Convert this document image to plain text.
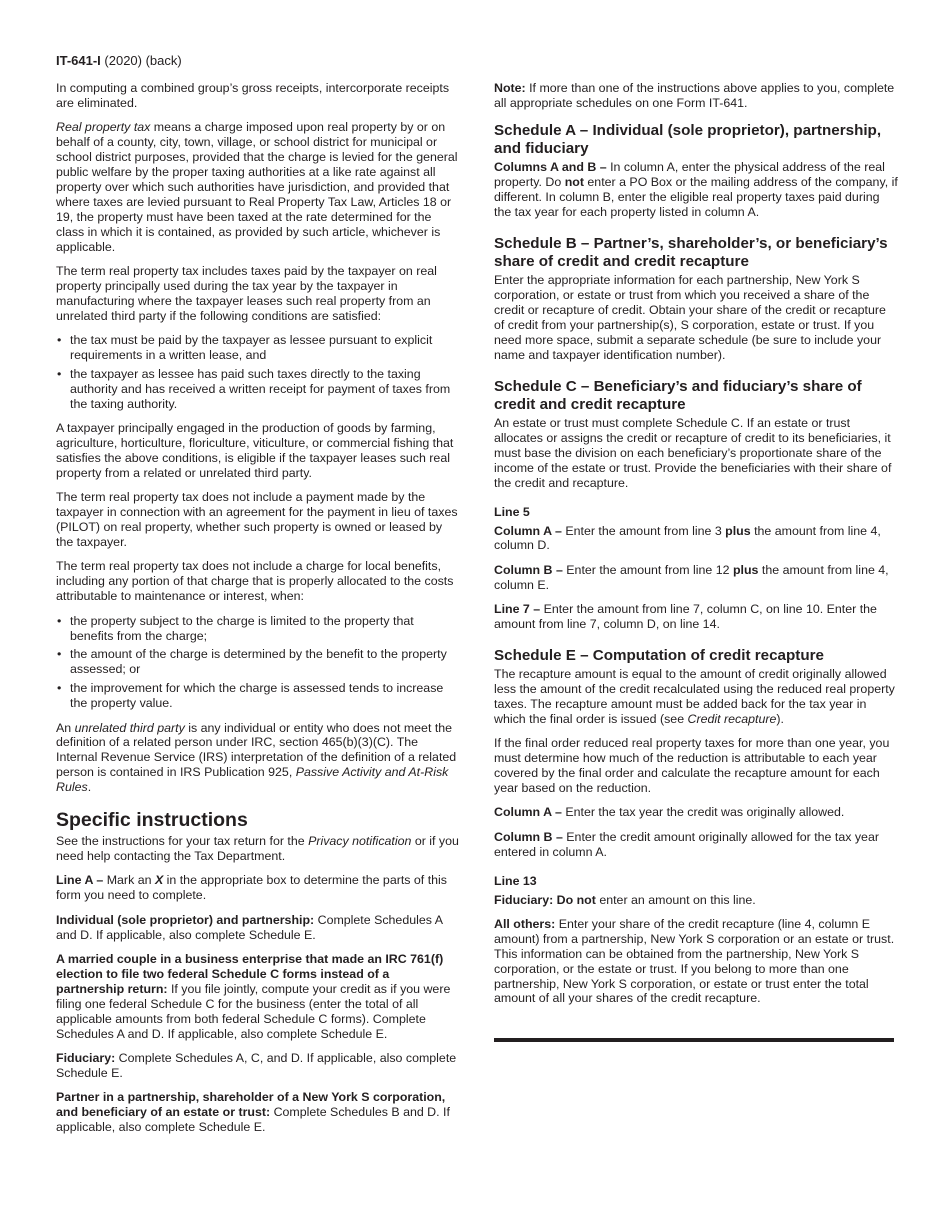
IT-641-I (2020) (back)

In computing a combined group’s gross receipts, intercorporate receipts are eliminated.

Real property tax means a charge imposed upon real property by or on behalf of a county, city, town, village, or school district for municipal or school district purposes, provided that the charge is levied for the general public welfare by the proper taxing authorities at a like rate against all property over which such authorities have jurisdiction, and provided that where taxes are levied pursuant to Real Property Tax Law, Articles 18 or 19, the property must have been taxed at the rate determined for the class in which it is contained, as provided by such article, whichever is applicable.

The term real property tax includes taxes paid by the taxpayer on real property principally used during the tax year by the taxpayer in manufacturing where the taxpayer leases such real property from an unrelated third party if the following conditions are satisfied:

• the tax must be paid by the taxpayer as lessee pursuant to explicit requirements in a written lease, and
• the taxpayer as lessee has paid such taxes directly to the taxing authority and has received a written receipt for payment of taxes from the taxing authority.

A taxpayer principally engaged in the production of goods by farming, agriculture, horticulture, floriculture, viticulture, or commercial fishing that satisfies the above conditions, is eligible if the taxpayer leases such real property from a related or unrelated third party.

The term real property tax does not include a payment made by the taxpayer in connection with an agreement for the payment in lieu of taxes (PILOT) on real property, whether such property is owned or leased by the taxpayer.

The term real property tax does not include a charge for local benefits, including any portion of that charge that is properly allocated to the costs attributable to maintenance or interest, when:

• the property subject to the charge is limited to the property that benefits from the charge;
• the amount of the charge is determined by the benefit to the property assessed; or
• the improvement for which the charge is assessed tends to increase the property value.

An unrelated third party is any individual or entity who does not meet the definition of a related person under IRC, section 465(b)(3)(C). The Internal Revenue Service (IRS) interpretation of the definition of a related person is contained in IRS Publication 925, Passive Activity and At-Risk Rules.

Specific instructions

See the instructions for your tax return for the Privacy notification or if you need help contacting the Tax Department.

Line A – Mark an X in the appropriate box to determine the parts of this form you need to complete.

Individual (sole proprietor) and partnership: Complete Schedules A and D. If applicable, also complete Schedule E.

A married couple in a business enterprise that made an IRC 761(f) election to file two federal Schedule C forms instead of a partnership return: If you file jointly, compute your credit as if you were filing one federal Schedule C for the business (enter the total of all applicable amounts from both federal Schedule C forms). Complete Schedules A and D. If applicable, also complete Schedule E.

Fiduciary: Complete Schedules A, C, and D. If applicable, also complete Schedule E.

Partner in a partnership, shareholder of a New York S corporation, and beneficiary of an estate or trust: Complete Schedules B and D. If applicable, also complete Schedule E.

Note: If more than one of the instructions above applies to you, complete all appropriate schedules on one Form IT-641.

Schedule A – Individual (sole proprietor), partnership, and fiduciary

Columns A and B – In column A, enter the physical address of the real property. Do not enter a PO Box or the mailing address of the company, if different. In column B, enter the eligible real property taxes paid during the tax year for each property listed in column A.

Schedule B – Partner’s, shareholder’s, or beneficiary’s share of credit and credit recapture

Enter the appropriate information for each partnership, New York S corporation, or estate or trust from which you received a share of the credit or recapture of credit. Obtain your share of the credit or recapture of credit from your partnership(s), S corporation, estate or trust. If you need more space, submit a separate schedule (be sure to include your name and taxpayer identification number).

Schedule C – Beneficiary’s and fiduciary’s share of credit and credit recapture

An estate or trust must complete Schedule C. If an estate or trust allocates or assigns the credit or recapture of credit to its beneficiaries, it must base the division on each beneficiary’s proportionate share of the income of the estate or trust. Provide the beneficiaries with their share of the credit and recapture.

Line 5

Column A – Enter the amount from line 3 plus the amount from line 4, column D.

Column B – Enter the amount from line 12 plus the amount from line 4, column E.

Line 7 – Enter the amount from line 7, column C, on line 10. Enter the amount from line 7, column D, on line 14.

Schedule E – Computation of credit recapture

The recapture amount is equal to the amount of credit originally allowed less the amount of the credit recalculated using the reduced real property taxes. The recapture amount must be added back for the tax year in which the final order is issued (see Credit recapture).

If the final order reduced real property taxes for more than one year, you must determine how much of the reduction is attributable to each year covered by the final order and calculate the recapture amount for each year based on the reduction.

Column A – Enter the tax year the credit was originally allowed.

Column B – Enter the credit amount originally allowed for the tax year entered in column A.

Line 13

Fiduciary: Do not enter an amount on this line.

All others: Enter your share of the credit recapture (line 4, column E amount) from a partnership, New York S corporation or an estate or trust. This information can be obtained from the partnership, New York S corporation, or the estate or trust. If you belong to more than one partnership, New York S corporation, or estate or trust enter the total amount of all your shares of the credit recapture.
